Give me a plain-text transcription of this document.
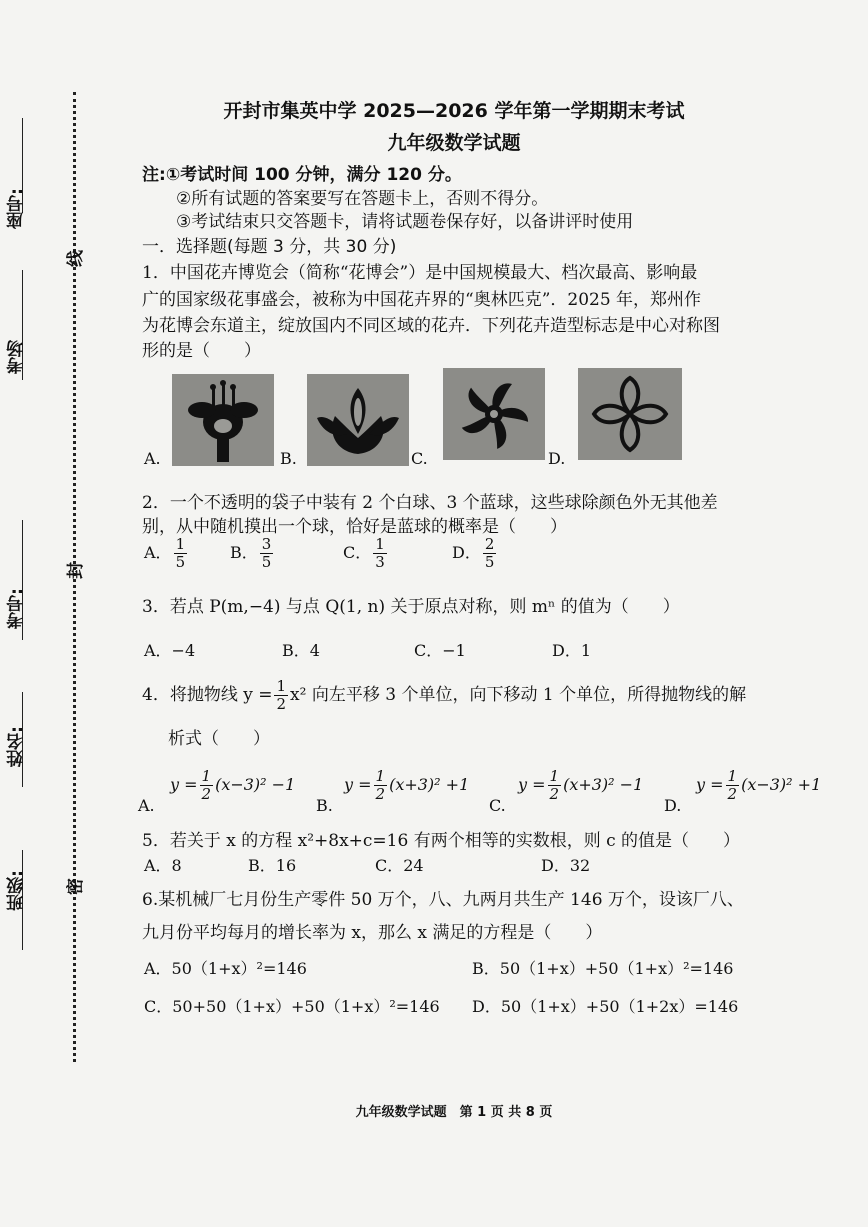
座号:
考场
考号:
姓名:
班级:
线
封
密
开封市集英中学 2025—2026 学年第一学期期末考试
九年级数学试题
注:①考试时间 100 分钟，满分 120 分。
②所有试题的答案要写在答题卡上，否则不得分。
③考试结束只交答题卡，请将试题卷保存好，以备讲评时使用
一．选择题(每题 3 分，共 30 分)
1．中国花卉博览会（简称“花博会”）是中国规模最大、档次最高、影响最
广的国家级花事盛会，被称为中国花卉界的“奥林匹克”．2025 年，郑州作
为花博会东道主，绽放国内不同区域的花卉．下列花卉造型标志是中心对称图
形的是（　　）
A.	B.	C.	D.
2．一个不透明的袋子中装有 2 个白球、3 个蓝球，这些球除颜色外无其他差
别，从中随机摸出一个球，恰好是蓝球的概率是（　　）
A． $\frac{1}{5}$	B． $\frac{3}{5}$	C． $\frac{1}{3}$	D． $\frac{2}{5}$
3．若点 P(m,−4) 与点 Q(1, n) 关于原点对称，则 mⁿ 的值为（　　）
A．−4	B．4	C．−1	D．1
4．将抛物线 $y = \frac{1}{2} x^2$ 向左平移 3 个单位，向下移动 1 个单位，所得抛物线的解
析式（　　）
A.
$y = \frac{1}{2} (x-3)^2 -1$
B.
$y = \frac{1}{2} (x+3)^2 +1$
C.
$y = \frac{1}{2} (x+3)^2 -1$
D.
$y = \frac{1}{2} (x-3)^2 +1$
5．若关于 x 的方程 x²+8x+c=16 有两个相等的实数根，则 c 的值是（　　）
A．8	B．16	C．24	D．32
6.某机械厂七月份生产零件 50 万个，八、九两月共生产 146 万个，设该厂八、
九月份平均每月的增长率为 x，那么 x 满足的方程是（　　）
A．50（1+x）²=146	B．50（1+x）+50（1+x）²=146
C．50+50（1+x）+50（1+x）²=146 D．50（1+x）+50（1+2x）=146
九年级数学试题　第 1 页 共 8 页
